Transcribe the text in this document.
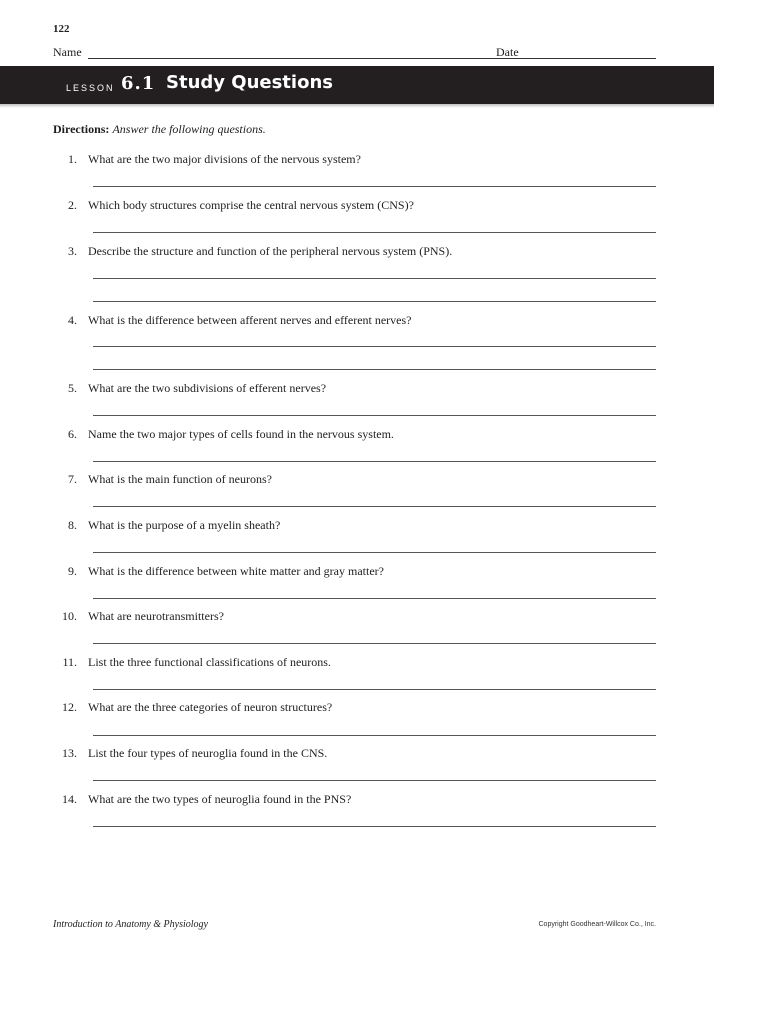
122
Name	Date
LESSON 6.1 Study Questions
Directions: Answer the following questions.
1. What are the two major divisions of the nervous system?
2. Which body structures comprise the central nervous system (CNS)?
3. Describe the structure and function of the peripheral nervous system (PNS).
4. What is the difference between afferent nerves and efferent nerves?
5. What are the two subdivisions of efferent nerves?
6. Name the two major types of cells found in the nervous system.
7. What is the main function of neurons?
8. What is the purpose of a myelin sheath?
9. What is the difference between white matter and gray matter?
10. What are neurotransmitters?
11. List the three functional classifications of neurons.
12. What are the three categories of neuron structures?
13. List the four types of neuroglia found in the CNS.
14. What are the two types of neuroglia found in the PNS?
Introduction to Anatomy & Physiology	Copyright Goodheart-Willcox Co., Inc.
